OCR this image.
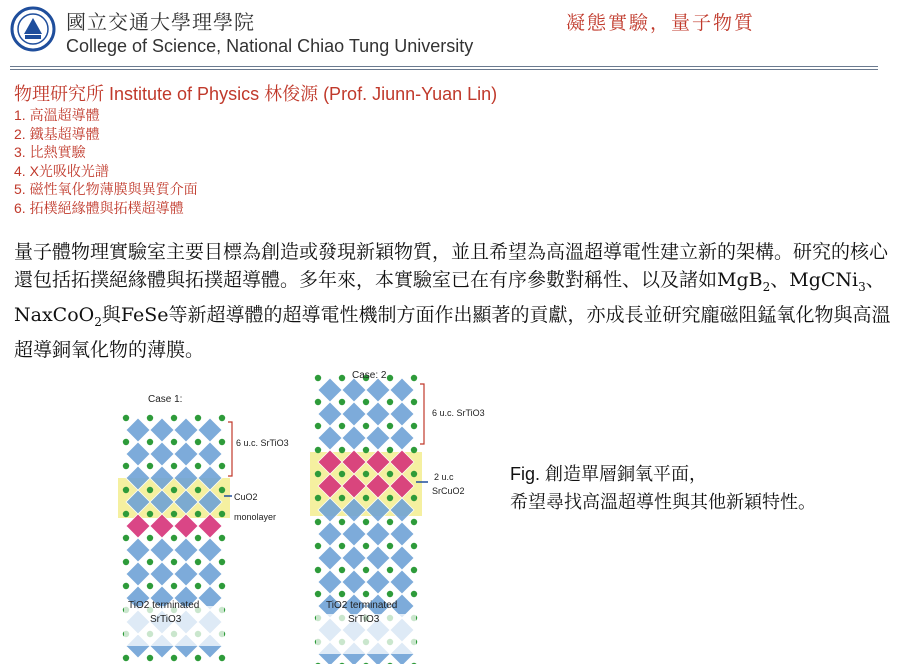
國立交通大學理學院
College of Science, National Chiao Tung University
凝態實驗，量子物質
物理研究所 Institute of Physics 林俊源 (Prof. Jiunn-Yuan Lin)
1. 高溫超導體
2. 鐵基超導體
3. 比熱實驗
4. X光吸收光譜
5. 磁性氧化物薄膜與異質介面
6. 拓樸絕緣體與拓樸超導體

量子體物理實驗室主要目標為創造或發現新穎物質，並且希望為高溫超導電性建立新的架構。研究的核心還包括拓撲絕緣體與拓撲超導體。多年來，本實驗室已在有序參數對稱性、以及諸如MgB$_2$、MgCNi$_3$、NaxCoO$_2$與FeSe等新超導體的超導電性機制方面作出顯著的貢獻，亦成長並研究龐磁阻錳氧化物與高溫超導銅氧化物的薄膜。

Case 1:
6 u.c. SrTiO3
CuO2
monolayer
TiO2 terminated
SrTiO3
Case: 2
6 u.c. SrTiO3
2 u.c
SrCuO2
TiO2 terminated
SrTiO3
Fig. 創造單層銅氧平面，
希望尋找高溫超導性與其他新穎特性。
